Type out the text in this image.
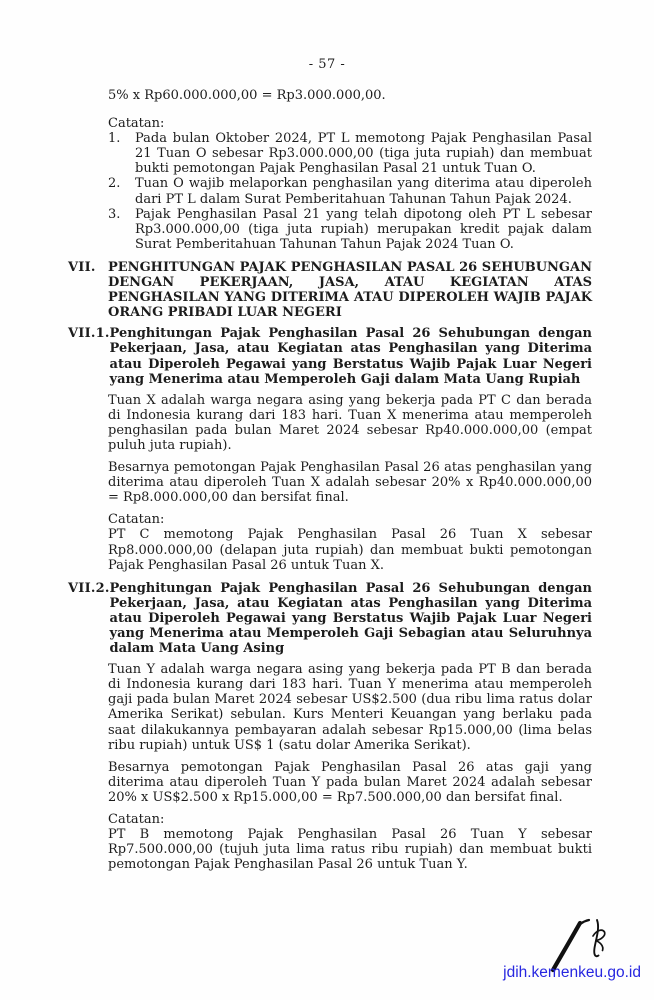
- 57 -

5% x Rp60.000.000,00 = Rp3.000.000,00.

Catatan:

1.	Pada bulan Oktober 2024, PT L memotong Pajak Penghasilan Pasal 21 Tuan O sebesar Rp3.000.000,00 (tiga juta rupiah) dan membuat bukti pemotongan Pajak Penghasilan Pasal 21 untuk Tuan O.
2.	Tuan O wajib melaporkan penghasilan yang diterima atau diperoleh dari PT L dalam Surat Pemberitahuan Tahunan Tahun Pajak 2024.
3.	Pajak Penghasilan Pasal 21 yang telah dipotong oleh PT L sebesar Rp3.000.000,00 (tiga juta rupiah) merupakan kredit pajak dalam Surat Pemberitahuan Tahunan Tahun Pajak 2024 Tuan O.
VII. PENGHITUNGAN PAJAK PENGHASILAN PASAL 26 SEHUBUNGAN DENGAN PEKERJAAN, JASA, ATAU KEGIATAN ATAS PENGHASILAN YANG DITERIMA ATAU DIPEROLEH WAJIB PAJAK ORANG PRIBADI LUAR NEGERI
VII.1. Penghitungan Pajak Penghasilan Pasal 26 Sehubungan dengan Pekerjaan, Jasa, atau Kegiatan atas Penghasilan yang Diterima atau Diperoleh Pegawai yang Berstatus Wajib Pajak Luar Negeri yang Menerima atau Memperoleh Gaji dalam Mata Uang Rupiah

Tuan X adalah warga negara asing yang bekerja pada PT C dan berada di Indonesia kurang dari 183 hari. Tuan X menerima atau memperoleh penghasilan pada bulan Maret 2024 sebesar Rp40.000.000,00 (empat puluh juta rupiah).

Besarnya pemotongan Pajak Penghasilan Pasal 26 atas penghasilan yang diterima atau diperoleh Tuan X adalah sebesar 20% x Rp40.000.000,00 = Rp8.000.000,00 dan bersifat final.

Catatan:

PT C memotong Pajak Penghasilan Pasal 26 Tuan X sebesar Rp8.000.000,00 (delapan juta rupiah) dan membuat bukti pemotongan Pajak Penghasilan Pasal 26 untuk Tuan X.

VII.2. Penghitungan Pajak Penghasilan Pasal 26 Sehubungan dengan Pekerjaan, Jasa, atau Kegiatan atas Penghasilan yang Diterima atau Diperoleh Pegawai yang Berstatus Wajib Pajak Luar Negeri yang Menerima atau Memperoleh Gaji Sebagian atau Seluruhnya dalam Mata Uang Asing

Tuan Y adalah warga negara asing yang bekerja pada PT B dan berada di Indonesia kurang dari 183 hari. Tuan Y menerima atau memperoleh gaji pada bulan Maret 2024 sebesar US$2.500 (dua ribu lima ratus dolar Amerika Serikat) sebulan. Kurs Menteri Keuangan yang berlaku pada saat dilakukannya pembayaran adalah sebesar Rp15.000,00 (lima belas ribu rupiah) untuk US$ 1 (satu dolar Amerika Serikat).

Besarnya pemotongan Pajak Penghasilan Pasal 26 atas gaji yang diterima atau diperoleh Tuan Y pada bulan Maret 2024 adalah sebesar 20% x US$2.500 x Rp15.000,00 = Rp7.500.000,00 dan bersifat final.

Catatan:

PT B memotong Pajak Penghasilan Pasal 26 Tuan Y sebesar Rp7.500.000,00 (tujuh juta lima ratus ribu rupiah) dan membuat bukti pemotongan Pajak Penghasilan Pasal 26 untuk Tuan Y.

jdih.kemenkeu.go.id
